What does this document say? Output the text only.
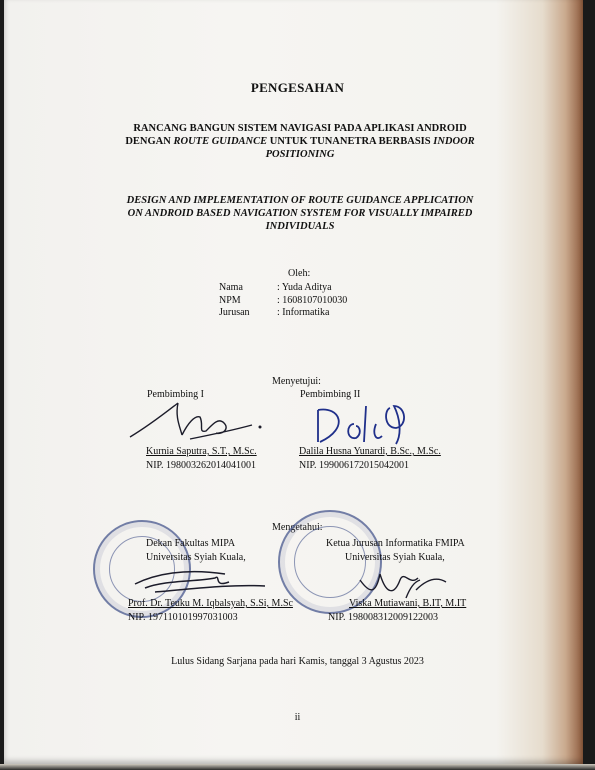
PENGESAHAN
RANCANG BANGUN SISTEM NAVIGASI PADA APLIKASI ANDROID
DENGAN ROUTE GUIDANCE UNTUK TUNANETRA BERBASIS INDOOR
POSITIONING
DESIGN AND IMPLEMENTATION OF ROUTE GUIDANCE APPLICATION
ON ANDROID BASED NAVIGATION SYSTEM FOR VISUALLY IMPAIRED
INDIVIDUALS
Oleh:
Nama	: Yuda Aditya
NPM	: 1608107010030
Jurusan	: Informatika
Menyetujui:
Pembimbing I
Kurnia Saputra, S.T., M.Sc.
NIP. 198003262014041001
Pembimbing II
Dalila Husna Yunardi, B.Sc., M.Sc.
NIP. 199006172015042001
Mengetahui:
Dekan Fakultas MIPA
Universitas Syiah Kuala,
Prof. Dr. Teuku M. Iqbalsyah, S.Si, M.Sc
NIP. 197110101997031003
Ketua Jurusan Informatika FMIPA
Universitas Syiah Kuala,
Viska Mutiawani, B.IT, M.IT
NIP. 198008312009122003
Lulus Sidang Sarjana pada hari Kamis, tanggal 3 Agustus 2023
ii
